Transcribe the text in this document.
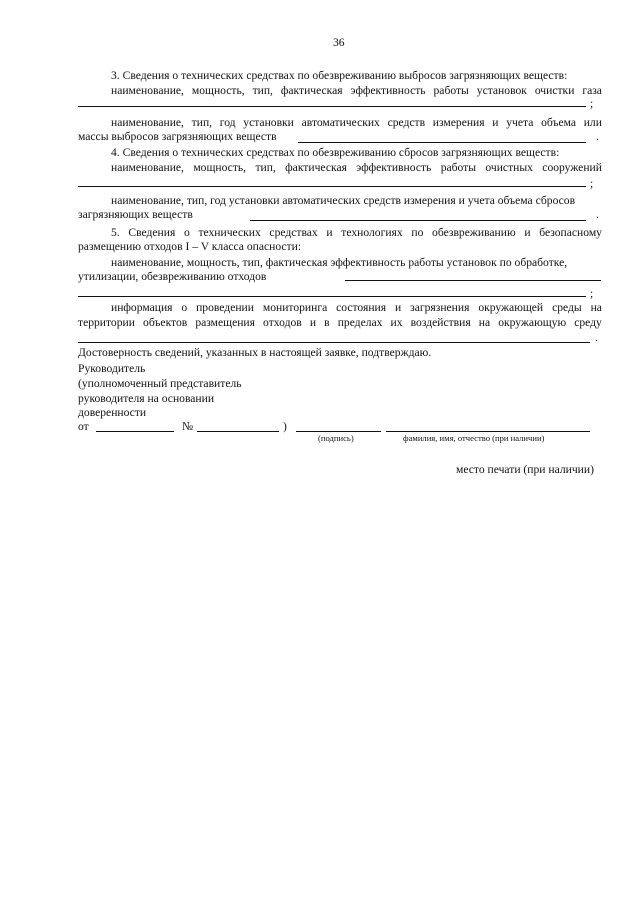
36
3. Сведения о технических средствах по обезвреживанию выбросов загрязняющих веществ:
наименование, мощность, тип, фактическая эффективность работы установок очистки газа
;
наименование, тип, год установки автоматических средств измерения и учета объема или
массы выбросов загрязняющих веществ	.
4. Сведения о технических средствах по обезвреживанию сбросов загрязняющих веществ:
наименование, мощность, тип, фактическая эффективность работы очистных сооружений
;
наименование, тип, год установки автоматических средств измерения и учета объема сбросов
загрязняющих веществ	.
5. Сведения о технических средствах и технологиях по обезвреживанию и безопасному
размещению отходов I – V класса опасности:
наименование, мощность, тип, фактическая эффективность работы установок по обработке,
утилизации, обезвреживанию отходов
;
информация о проведении мониторинга состояния и загрязнения окружающей среды на
территории объектов размещения отходов и в пределах их воздействия на окружающую среду
.
Достоверность сведений, указанных в настоящей заявке, подтверждаю.
Руководитель
(уполномоченный представитель
руководителя на основании
доверенности
от	№	)
(подпись)	фамилия, имя, отчество (при наличии)
место печати (при наличии)
